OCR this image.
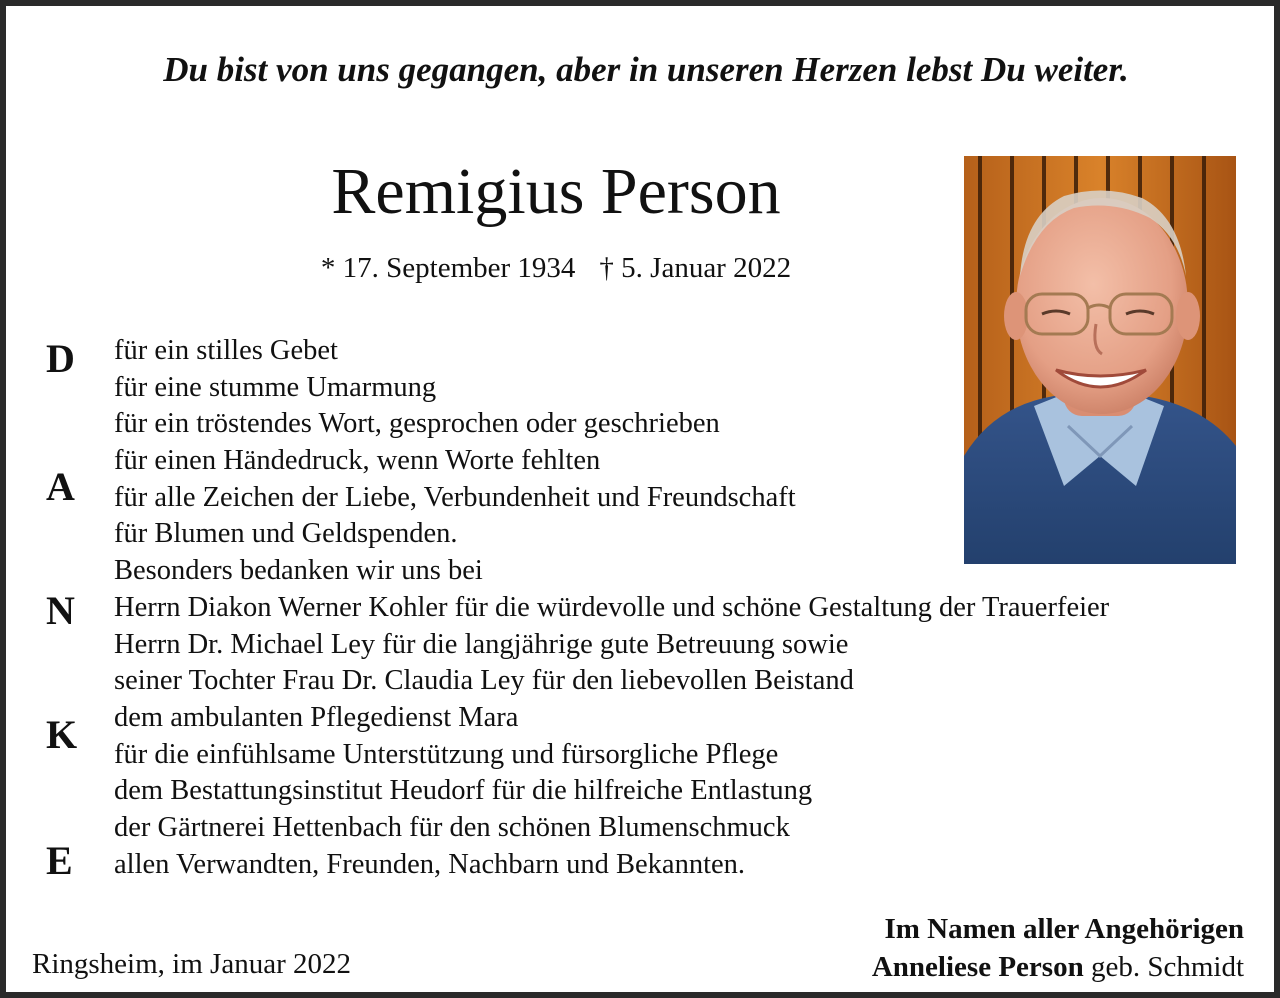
Du bist von uns gegangen, aber in unseren Herzen lebst Du weiter.
Remigius Person
* 17. September 1934 † 5. Januar 2022
D
A
N
K
E
für ein stilles Gebet
für eine stumme Umarmung
für ein tröstendes Wort, gesprochen oder geschrieben
für einen Händedruck, wenn Worte fehlten
für alle Zeichen der Liebe, Verbundenheit und Freundschaft
für Blumen und Geldspenden.
Besonders bedanken wir uns bei
Herrn Diakon Werner Kohler für die würdevolle und schöne Gestaltung der Trauerfeier
Herrn Dr. Michael Ley für die langjährige gute Betreuung sowie
seiner Tochter Frau Dr. Claudia Ley für den liebevollen Beistand
dem ambulanten Pflegedienst Mara
für die einfühlsame Unterstützung und fürsorgliche Pflege
dem Bestattungsinstitut Heudorf für die hilfreiche Entlastung
der Gärtnerei Hettenbach für den schönen Blumenschmuck
allen Verwandten, Freunden, Nachbarn und Bekannten.
Ringsheim, im Januar 2022
Im Namen aller Angehörigen
Anneliese Person geb. Schmidt
